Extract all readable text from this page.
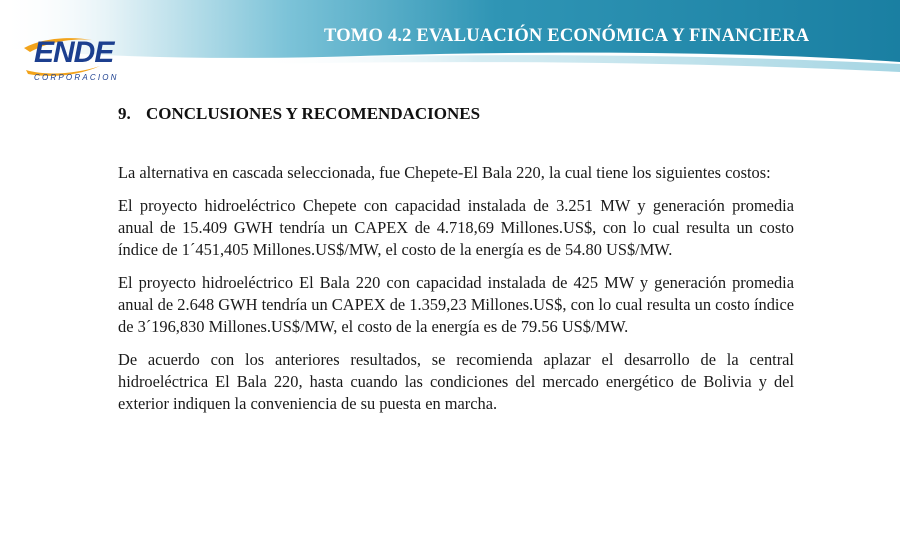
TOMO 4.2 EVALUACIÓN ECONÓMICA Y FINANCIERA
ENDE
CORPORACION
9. CONCLUSIONES Y RECOMENDACIONES

La alternativa en cascada seleccionada, fue Chepete-El Bala 220, la cual tiene los siguientes costos:

El proyecto hidroeléctrico Chepete con capacidad instalada de 3.251 MW y generación promedia anual de 15.409 GWH tendría un CAPEX de 4.718,69 Millones.US$, con lo cual resulta un costo índice de 1´451,405 Millones.US$/MW, el costo de la energía es de 54.80 US$/MW.

El proyecto hidroeléctrico El Bala 220 con capacidad instalada de 425 MW y generación promedia anual de 2.648 GWH tendría un CAPEX de 1.359,23 Millones.US$, con lo cual resulta un costo índice de 3´196,830 Millones.US$/MW, el costo de la energía es de 79.56 US$/MW.

De acuerdo con los anteriores resultados, se recomienda aplazar el desarrollo de la central hidroeléctrica El Bala 220, hasta cuando las condiciones del mercado energético de Bolivia y del exterior indiquen la conveniencia de su puesta en marcha.
